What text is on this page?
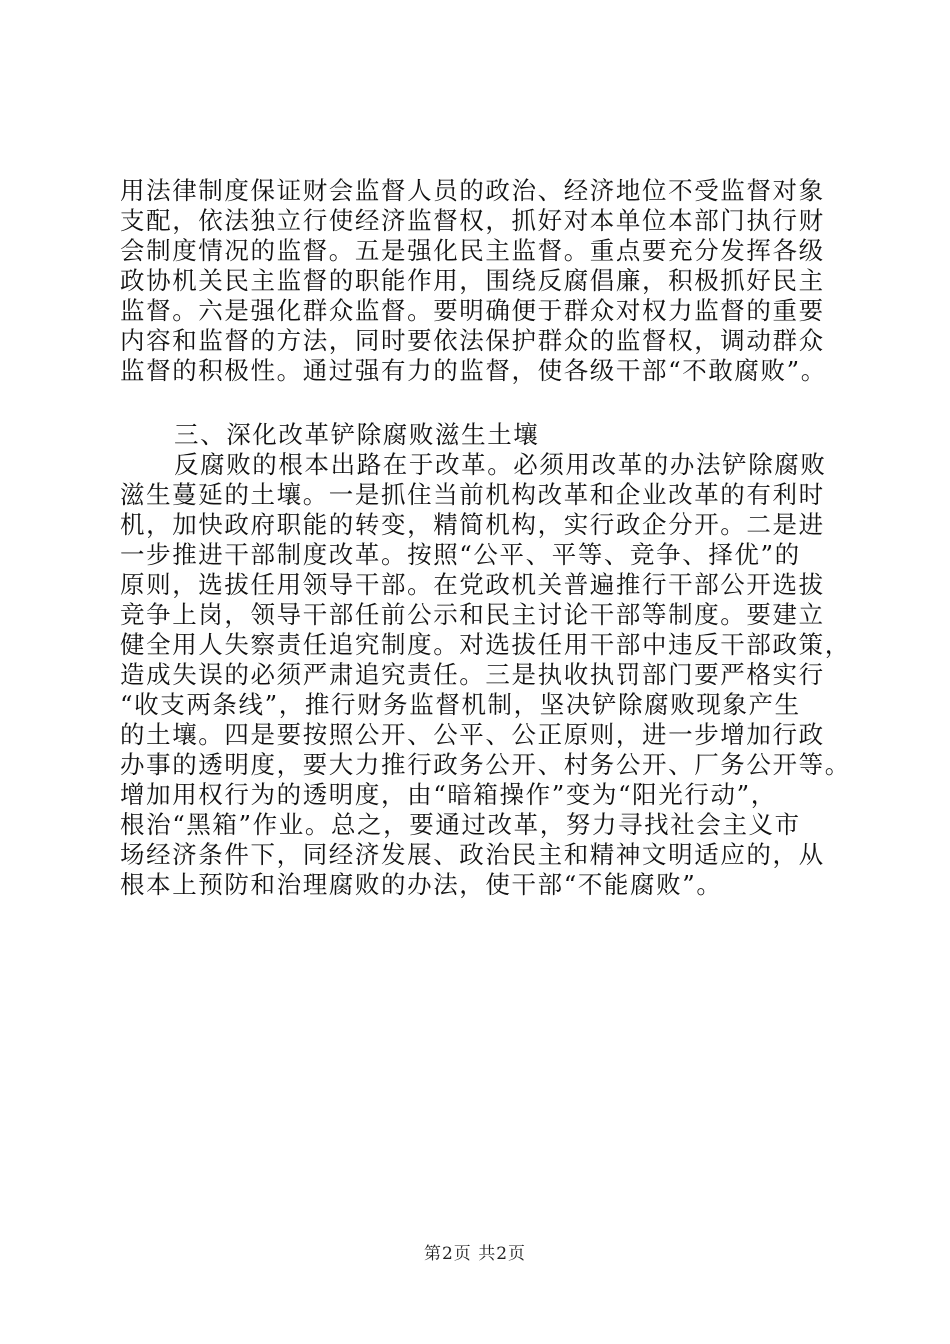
用法律制度保证财会监督人员的政治、经济地位不受监督对象
支配，依法独立行使经济监督权，抓好对本单位本部门执行财
会制度情况的监督。五是强化民主监督。重点要充分发挥各级
政协机关民主监督的职能作用，围绕反腐倡廉，积极抓好民主
监督。六是强化群众监督。要明确便于群众对权力监督的重要
内容和监督的方法，同时要依法保护群众的监督权，调动群众
监督的积极性。通过强有力的监督，使各级干部“不敢腐败”。
三、深化改革铲除腐败滋生土壤
反腐败的根本出路在于改革。必须用改革的办法铲除腐败
滋生蔓延的土壤。一是抓住当前机构改革和企业改革的有利时
机，加快政府职能的转变，精简机构，实行政企分开。二是进
一步推进干部制度改革。按照“公平、平等、竞争、择优”的
原则，选拔任用领导干部。在党政机关普遍推行干部公开选拔
竞争上岗，领导干部任前公示和民主讨论干部等制度。要建立
健全用人失察责任追究制度。对选拔任用干部中违反干部政策，
造成失误的必须严肃追究责任。三是执收执罚部门要严格实行
“收支两条线”，推行财务监督机制，坚决铲除腐败现象产生
的土壤。四是要按照公开、公平、公正原则，进一步增加行政
办事的透明度，要大力推行政务公开、村务公开、厂务公开等。
增加用权行为的透明度，由“暗箱操作”变为“阳光行动”，
根治“黑箱”作业。总之，要通过改革，努力寻找社会主义市
场经济条件下，同经济发展、政治民主和精神文明适应的，从
根本上预防和治理腐败的办法，使干部“不能腐败”。
第2页 共2页
